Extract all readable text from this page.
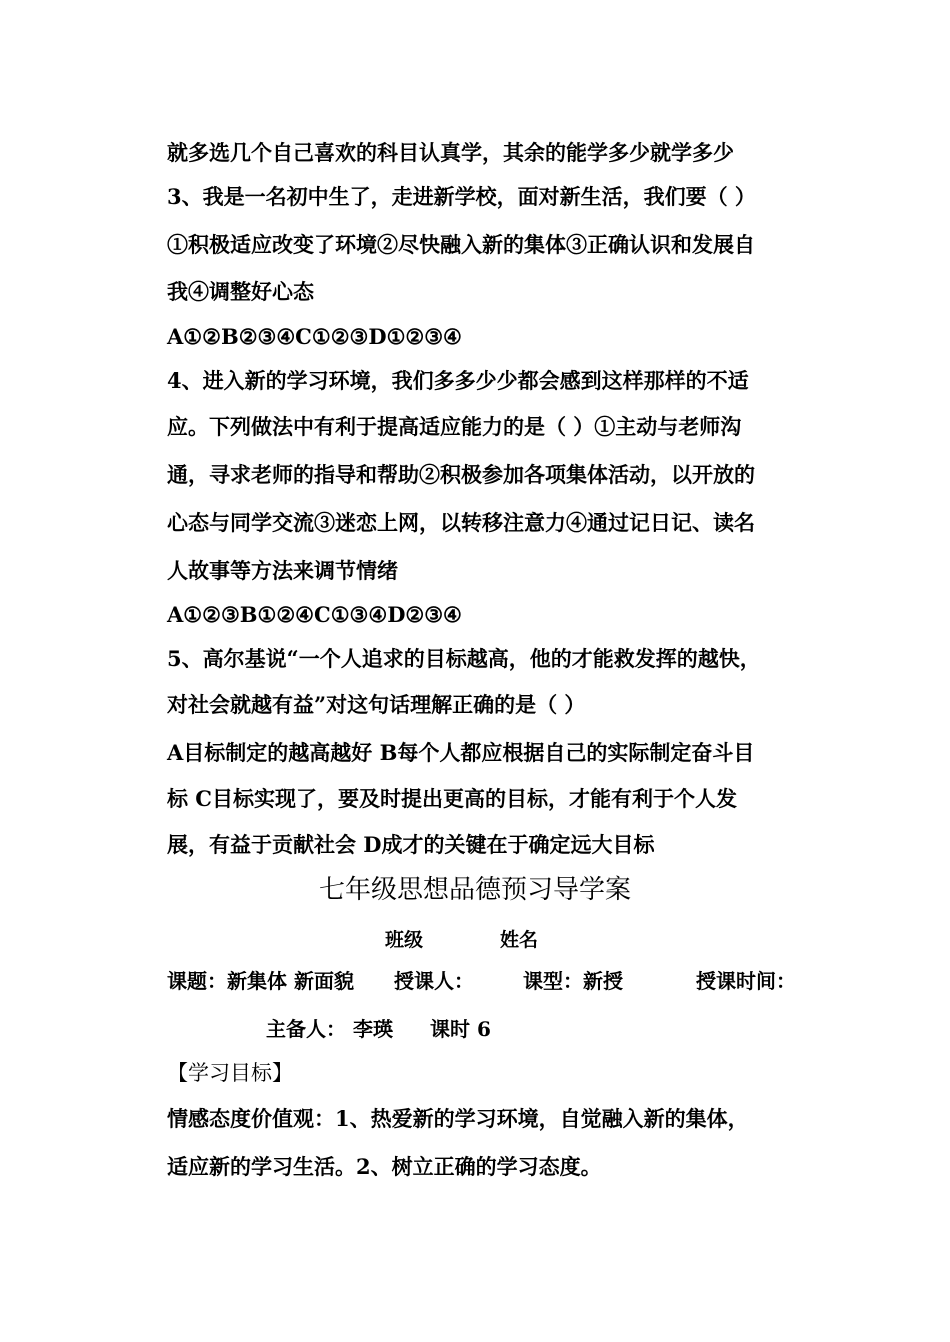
就多选几个自己喜欢的科目认真学，其余的能学多少就学多少
3、我是一名初中生了，走进新学校，面对新生活，我们要（ ）
①积极适应改变了环境②尽快融入新的集体③正确认识和发展自
我④调整好心态
A①②B②③④C①②③D①②③④
4、进入新的学习环境，我们多多少少都会感到这样那样的不适
应。下列做法中有利于提高适应能力的是（ ）①主动与老师沟
通，寻求老师的指导和帮助②积极参加各项集体活动，以开放的
心态与同学交流③迷恋上网，以转移注意力④通过记日记、读名
人故事等方法来调节情绪
A①②③B①②④C①③④D②③④
5、高尔基说“一个人追求的目标越高，他的才能救发挥的越快，
对社会就越有益”对这句话理解正确的是（ ）
A目标制定的越高越好 B每个人都应根据自己的实际制定奋斗目
标 C目标实现了，要及时提出更高的目标，才能有利于个人发
展，有益于贡献社会 D成才的关键在于确定远大目标
七年级思想品德预习导学案
班级	姓名
课题：新集体 新面貌 授课人： 课型：新授	授课时间：
主备人： 李瑛 课时 6
【学习目标】
情感态度价值观：1、热爱新的学习环境，自觉融入新的集体，
适应新的学习生活。2、树立正确的学习态度。
